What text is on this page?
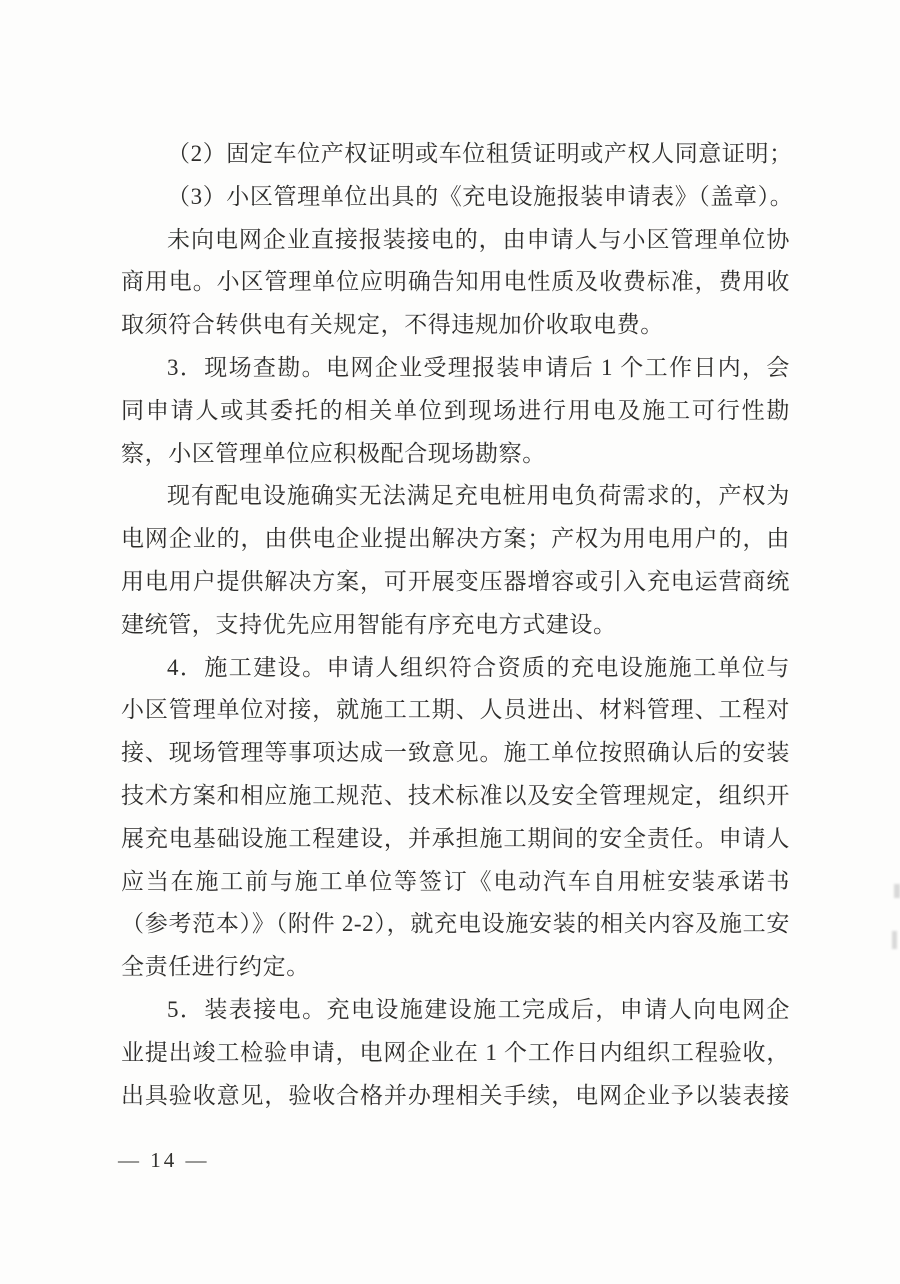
（2）固定车位产权证明或车位租赁证明或产权人同意证明；
（3）小区管理单位出具的《充电设施报装申请表》（盖章）。
未向电网企业直接报装接电的，由申请人与小区管理单位协
商用电。小区管理单位应明确告知用电性质及收费标准，费用收
取须符合转供电有关规定，不得违规加价收取电费。
3．现场查勘。电网企业受理报装申请后 1 个工作日内，会
同申请人或其委托的相关单位到现场进行用电及施工可行性勘
察，小区管理单位应积极配合现场勘察。
现有配电设施确实无法满足充电桩用电负荷需求的，产权为
电网企业的，由供电企业提出解决方案；产权为用电用户的，由
用电用户提供解决方案，可开展变压器增容或引入充电运营商统
建统管，支持优先应用智能有序充电方式建设。
4．施工建设。申请人组织符合资质的充电设施施工单位与
小区管理单位对接，就施工工期、人员进出、材料管理、工程对
接、现场管理等事项达成一致意见。施工单位按照确认后的安装
技术方案和相应施工规范、技术标准以及安全管理规定，组织开
展充电基础设施工程建设，并承担施工期间的安全责任。申请人
应当在施工前与施工单位等签订《电动汽车自用桩安装承诺书
（参考范本）》（附件 2-2），就充电设施安装的相关内容及施工安
全责任进行约定。
5．装表接电。充电设施建设施工完成后，申请人向电网企
业提出竣工检验申请，电网企业在 1 个工作日内组织工程验收，
出具验收意见，验收合格并办理相关手续，电网企业予以装表接
— 14 —
